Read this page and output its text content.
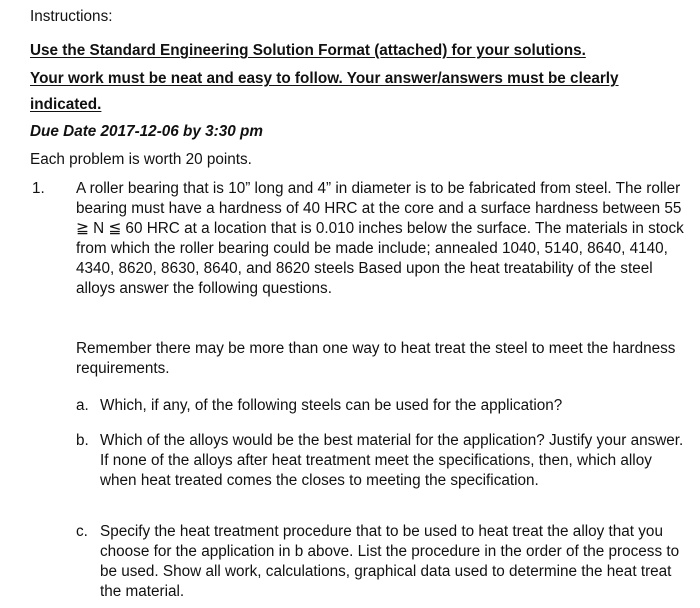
Instructions:
Use the Standard Engineering Solution Format (attached) for your solutions.
Your work must be neat and easy to follow. Your answer/answers must be clearly
indicated.
Due Date 2017-12-06 by 3:30 pm
Each problem is worth 20 points.
1. A roller bearing that is 10” long and 4” in diameter is to be fabricated from steel. The roller bearing must have a hardness of 40 HRC at the core and a surface hardness between 55 ≧ N ≦ 60 HRC at a location that is 0.010 inches below the surface. The materials in stock from which the roller bearing could be made include; annealed 1040, 5140, 8640, 4140, 4340, 8620, 8630, 8640, and 8620 steels Based upon the heat treatability of the steel alloys answer the following questions.
Remember there may be more than one way to heat treat the steel to meet the hardness requirements.
a. Which, if any, of the following steels can be used for the application?
b. Which of the alloys would be the best material for the application? Justify your answer. If none of the alloys after heat treatment meet the specifications, then, which alloy when heat treated comes the closes to meeting the specification.
c. Specify the heat treatment procedure that to be used to heat treat the alloy that you choose for the application in b above. List the procedure in the order of the process to be used. Show all work, calculations, graphical data used to determine the heat treat the material.
